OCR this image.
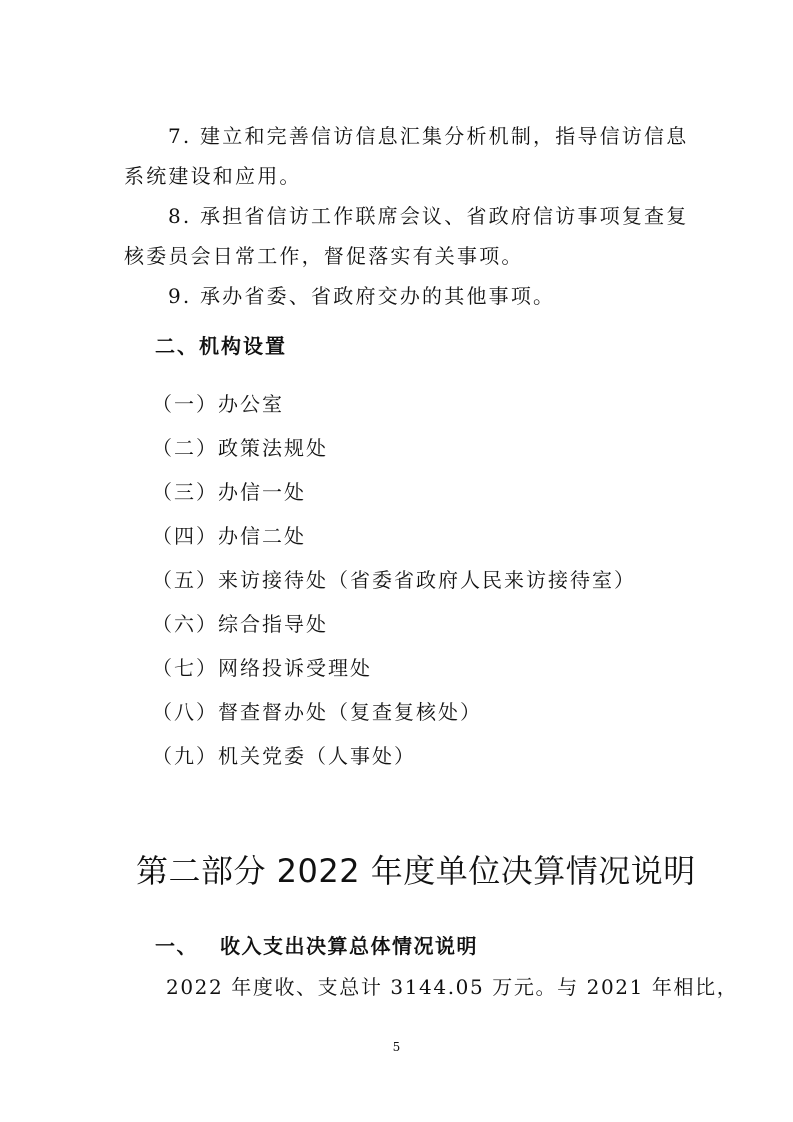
7. 建立和完善信访信息汇集分析机制，指导信访信息
系统建设和应用。
8. 承担省信访工作联席会议、省政府信访事项复查复
核委员会日常工作，督促落实有关事项。
9. 承办省委、省政府交办的其他事项。
二、机构设置
（一）办公室
（二）政策法规处
（三）办信一处
（四）办信二处
（五）来访接待处（省委省政府人民来访接待室）
（六）综合指导处
（七）网络投诉受理处
（八）督查督办处（复查复核处）
（九）机关党委（人事处）
第二部分 2022 年度单位决算情况说明
一、 收入支出决算总体情况说明
2022 年度收、支总计 3144.05 万元。与 2021 年相比，
5
